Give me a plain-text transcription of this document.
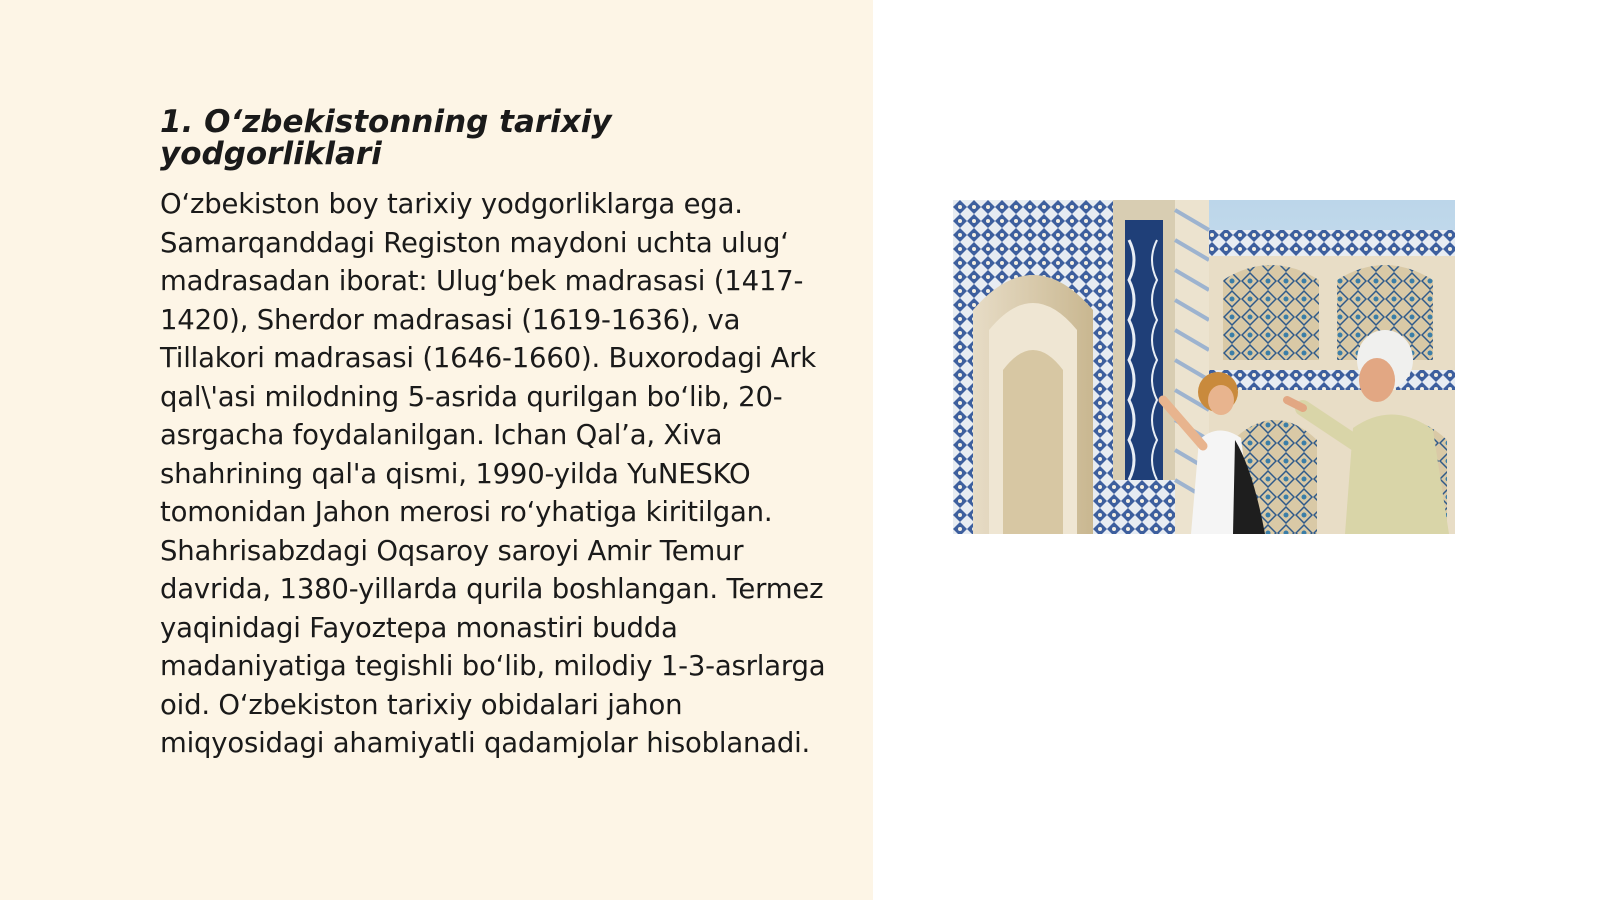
1. O‘zbekistonning tarixiy yodgorliklari

O‘zbekiston boy tarixiy yodgorliklarga ega. Samarqanddagi Registon maydoni uchta ulug‘ madrasadan iborat: Ulug‘bek madrasasi (1417-1420), Sherdor madrasasi (1619-1636), va Tillakori madrasasi (1646-1660). Buxorodagi Ark qal\'asi milodning 5-asrida qurilgan bo‘lib, 20-asrgacha foydalanilgan. Ichan Qal’a, Xiva shahrining qal'a qismi, 1990-yilda YuNESKO tomonidan Jahon merosi ro‘yhatiga kiritilgan. Shahrisabzdagi Oqsaroy saroyi Amir Temur davrida, 1380-yillarda qurila boshlangan. Termez yaqinidagi Fayoztepa monastiri budda madaniyatiga tegishli bo‘lib, milodiy 1-3-asrlarga oid. O‘zbekiston tarixiy obidalari jahon miqyosidagi ahamiyatli qadamjolar hisoblanadi.
